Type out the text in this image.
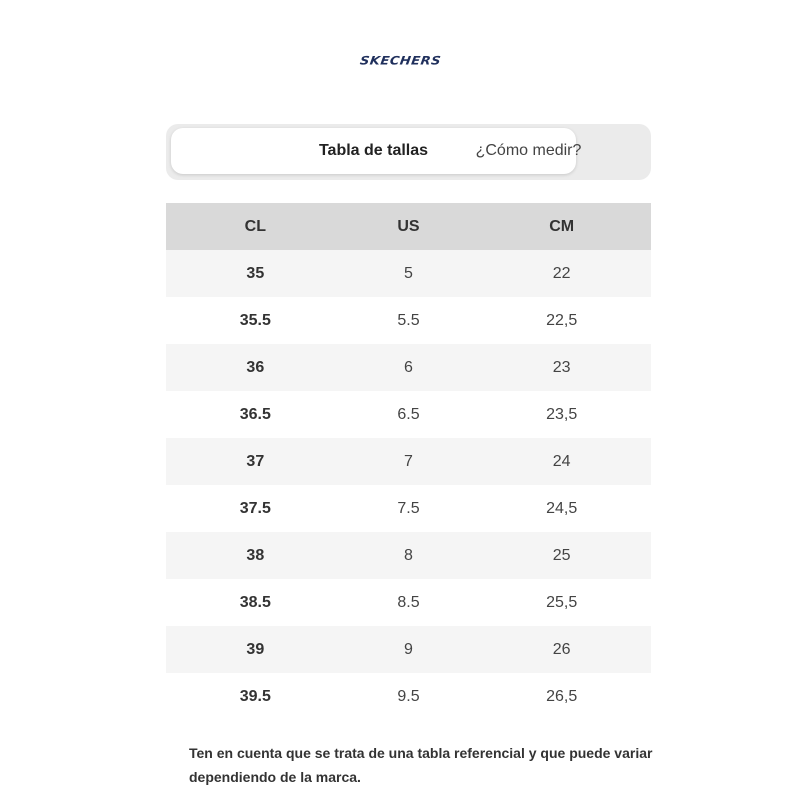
SKECHERS
Tabla de tallas	¿Cómo medir?
CL	US	CM
35	5	22
35.5	5.5	22,5
36	6	23
36.5	6.5	23,5
37	7	24
37.5	7.5	24,5
38	8	25
38.5	8.5	25,5
39	9	26
39.5	9.5	26,5
Ten en cuenta que se trata de una tabla referencial y que puede variar
dependiendo de la marca.
